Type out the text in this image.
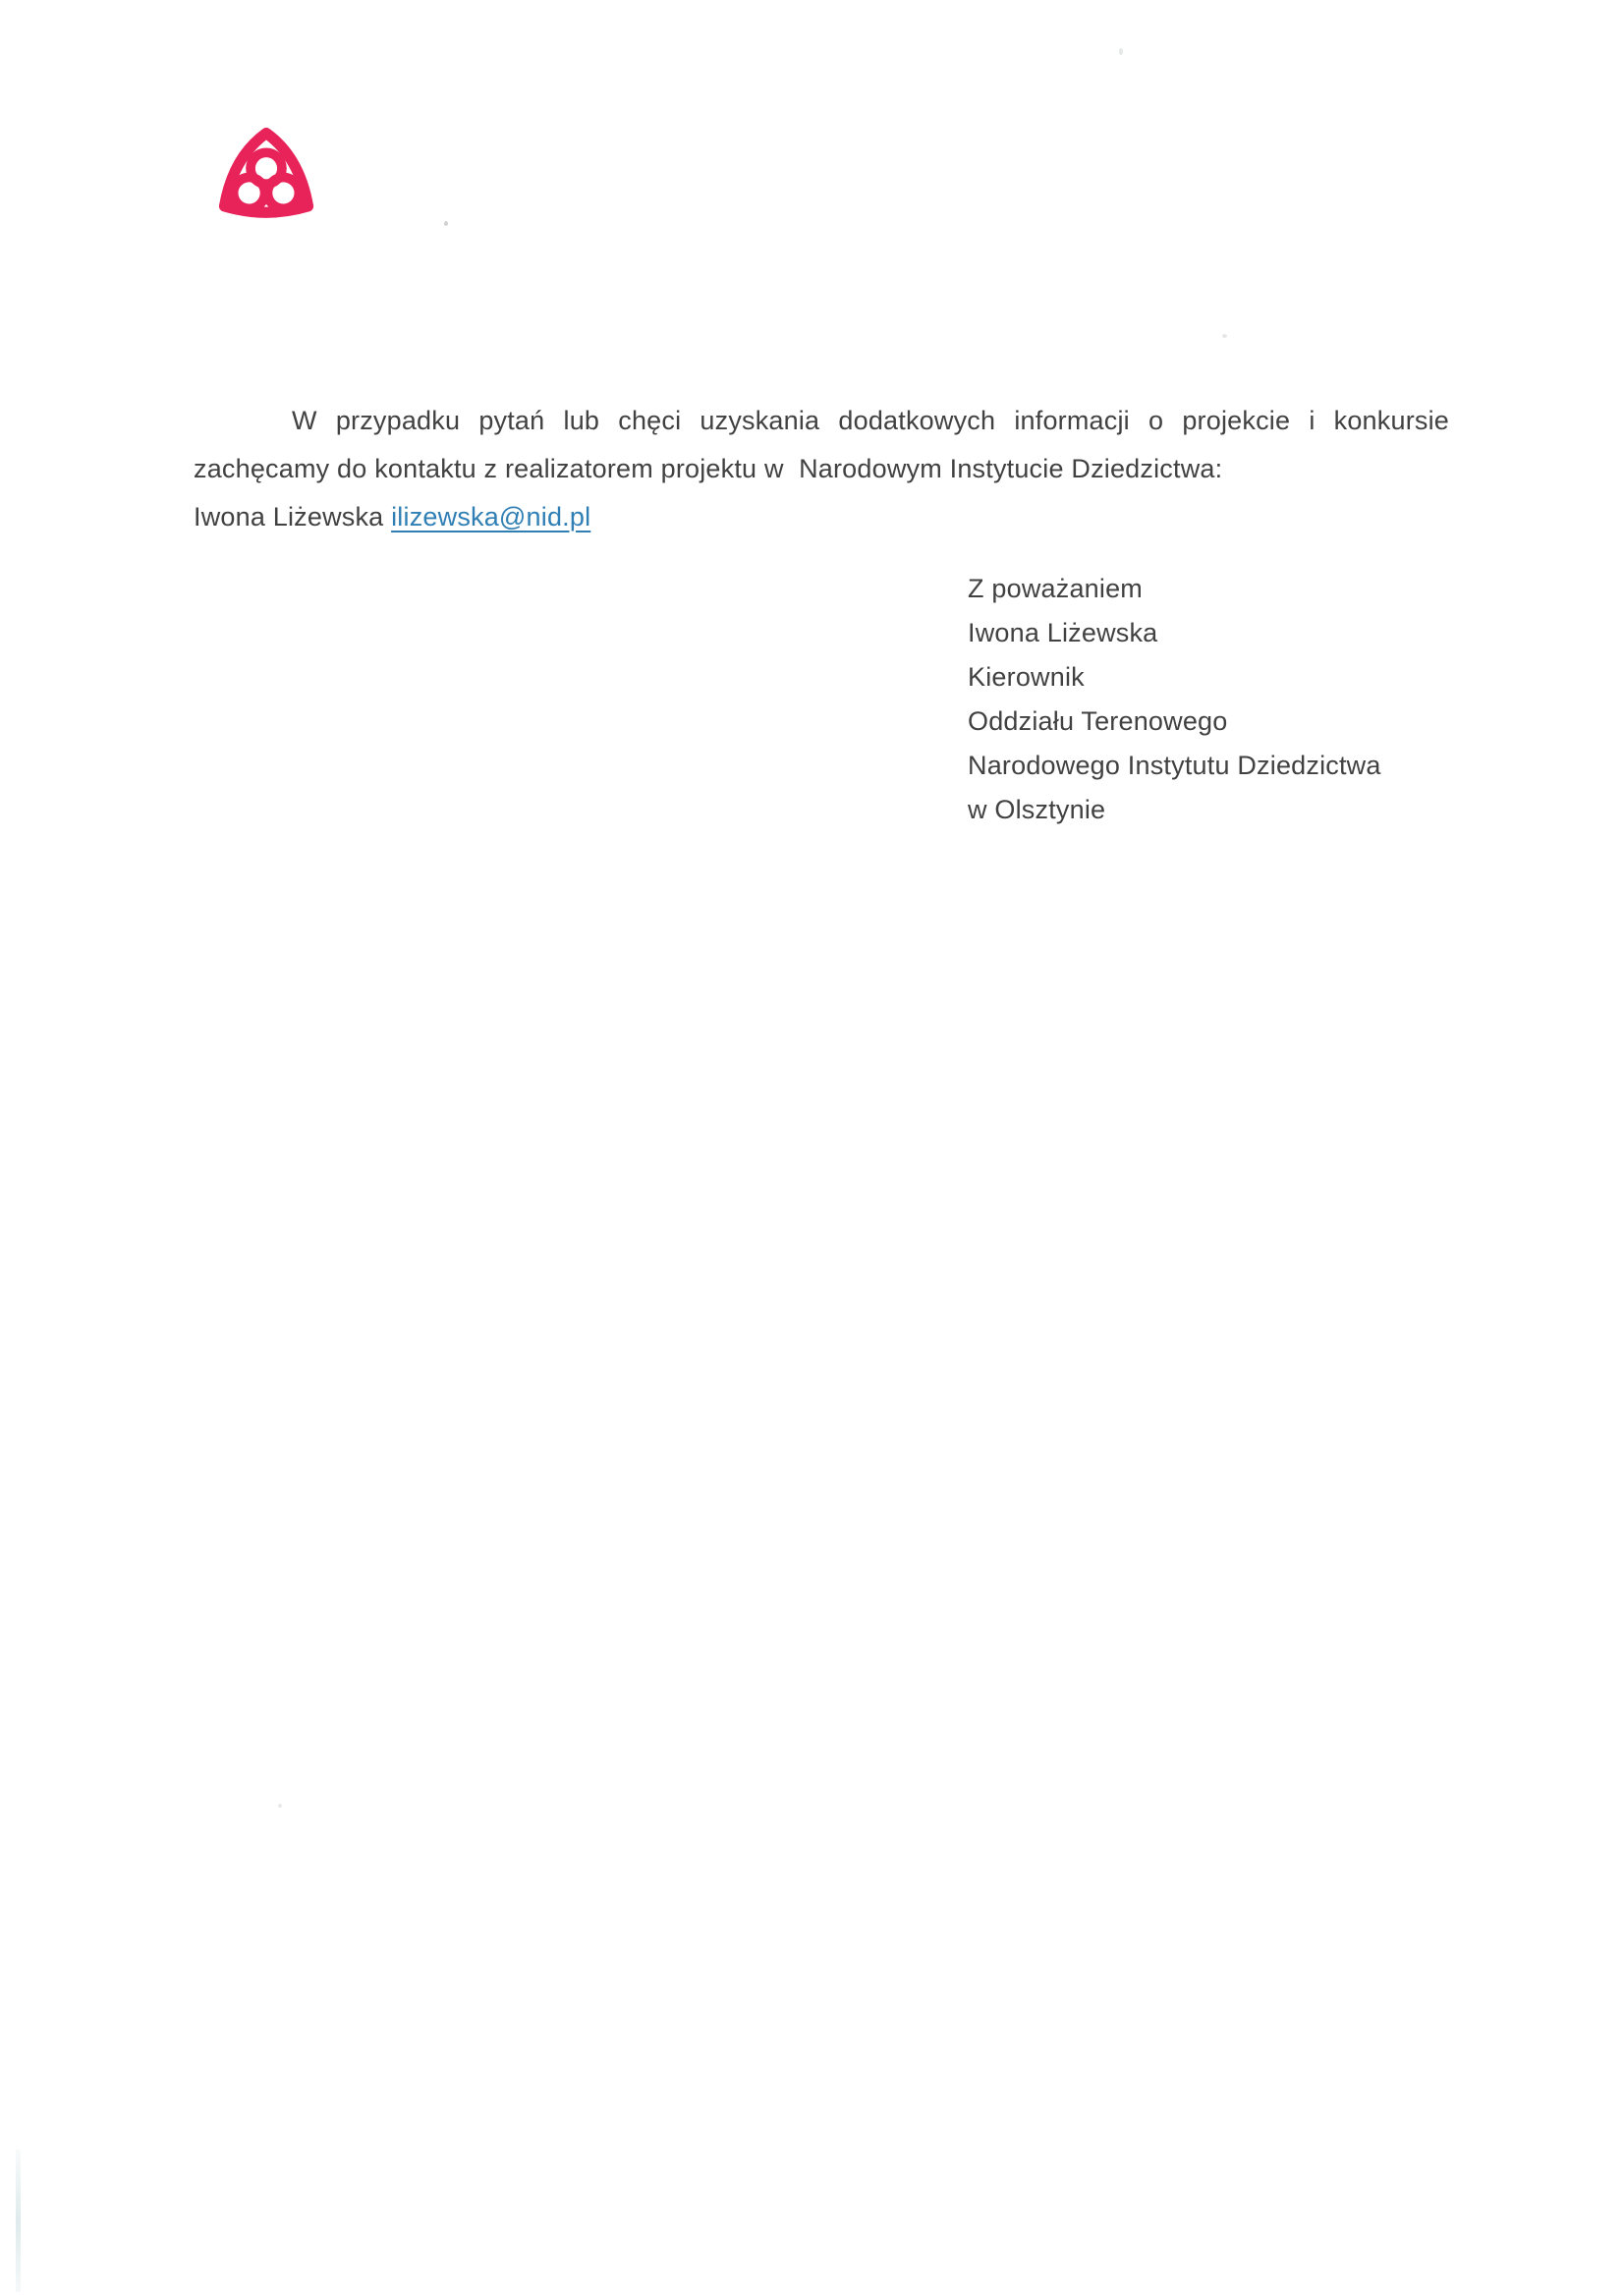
W przypadku pytań lub chęci uzyskania dodatkowych informacji o projekcie i konkursie
zachęcamy do kontaktu z realizatorem projektu w  Narodowym Instytucie Dziedzictwa:
Iwona Liżewska ilizewska@nid.pl
Z poważaniem
Iwona Liżewska
Kierownik
Oddziału Terenowego
Narodowego Instytutu Dziedzictwa
w Olsztynie
